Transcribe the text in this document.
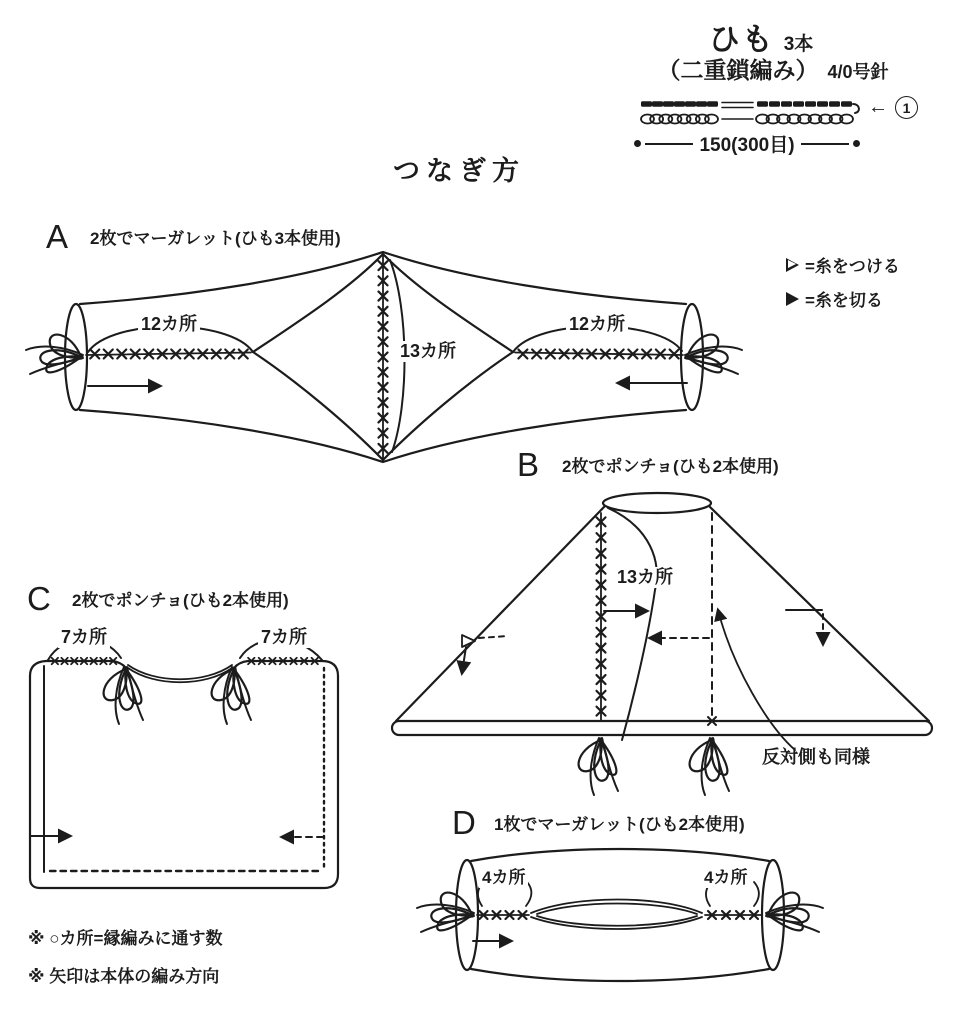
ひも 3本
（二重鎖編み） 4/0号針
←	1
150(300目)
つなぎ方
=糸をつける
=糸を切る
A 2枚でマーガレット(ひも3本使用)
12カ所
13カ所
12カ所
B 2枚でポンチョ(ひも2本使用)
13カ所
反対側も同様
C 2枚でポンチョ(ひも2本使用)
7カ所	7カ所
※ ○カ所=縁編みに通す数
※ 矢印は本体の編み方向
D 1枚でマーガレット(ひも2本使用)
4カ所	4カ所
